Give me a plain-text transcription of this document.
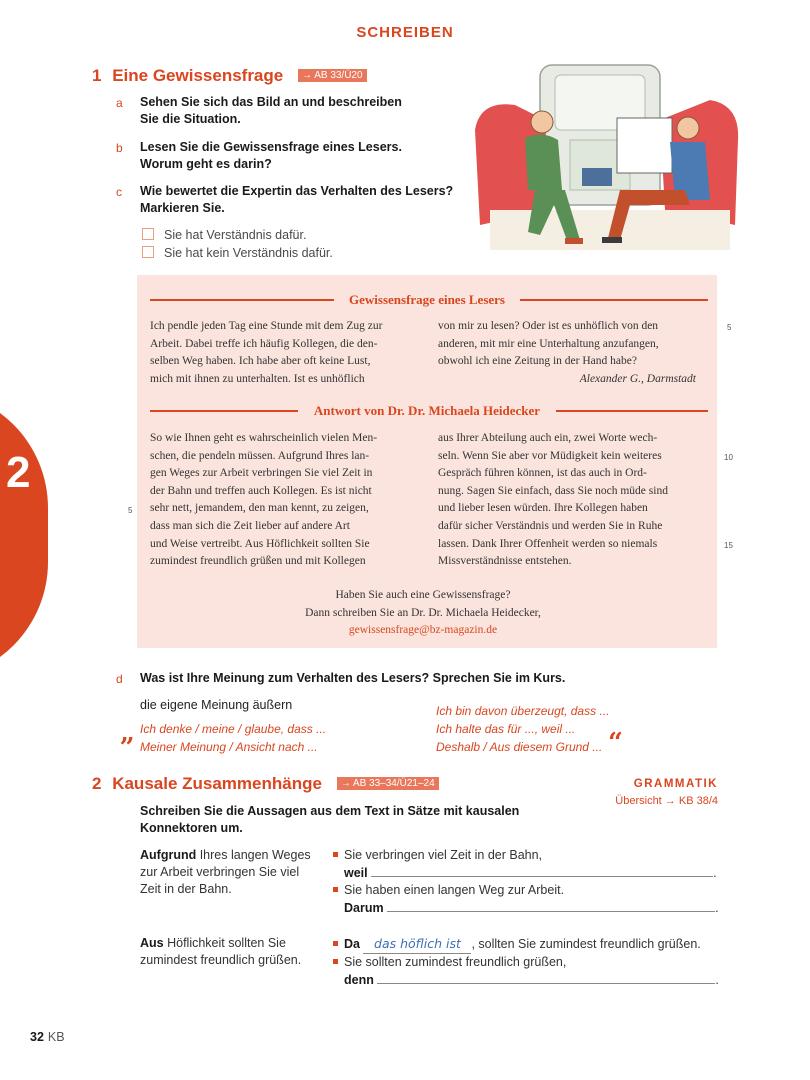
SCHREIBEN
2
1 Eine Gewissensfrage → AB 33/Ü20
a Sehen Sie sich das Bild an und beschreiben
Sie die Situation.
b Lesen Sie die Gewissensfrage eines Lesers.
Worum geht es darin?
c Wie bewertet die Expertin das Verhalten des Lesers?
Markieren Sie.
Sie hat Verständnis dafür.
Sie hat kein Verständnis dafür.
Gewissensfrage eines Lesers
Ich pendle jeden Tag eine Stunde mit dem Zug zur
Arbeit. Dabei treffe ich häufig Kollegen, die den-
selben Weg haben. Ich habe aber oft keine Lust,
mich mit ihnen zu unterhalten. Ist es unhöflich
von mir zu lesen? Oder ist es unhöflich von den
anderen, mit mir eine Unterhaltung anzufangen,
obwohl ich eine Zeitung in der Hand habe?
Alexander G., Darmstadt
5
Antwort von Dr. Dr. Michaela Heidecker
So wie Ihnen geht es wahrscheinlich vielen Men-
schen, die pendeln müssen. Aufgrund Ihres lan-
gen Weges zur Arbeit verbringen Sie viel Zeit in
der Bahn und treffen auch Kollegen. Es ist nicht
sehr nett, jemandem, den man kennt, zu zeigen,
dass man sich die Zeit lieber auf andere Art
und Weise vertreibt. Aus Höflichkeit sollten Sie
zumindest freundlich grüßen und mit Kollegen
aus Ihrer Abteilung auch ein, zwei Worte wech-
seln. Wenn Sie aber vor Müdigkeit kein weiteres
Gespräch führen können, ist das auch in Ord-
nung. Sagen Sie einfach, dass Sie noch müde sind
und lieber lesen würden. Ihre Kollegen haben
dafür sicher Verständnis und werden Sie in Ruhe
lassen. Dank Ihrer Offenheit werden so niemals
Missverständnisse entstehen.
5
10
15
Haben Sie auch eine Gewissensfrage?
Dann schreiben Sie an Dr. Dr. Michaela Heidecker,
gewissensfrage@bz-magazin.de
d Was ist Ihre Meinung zum Verhalten des Lesers? Sprechen Sie im Kurs.
die eigene Meinung äußern
„ Ich denke / meine / glaube, dass ...
Meiner Meinung / Ansicht nach ...
Ich bin davon überzeugt, dass ...
Ich halte das für ..., weil ...
Deshalb / Aus diesem Grund ... “
2 Kausale Zusammenhänge → AB 33–34/Ü21–24	GRAMMATIK
Übersicht → KB 38/4
Schreiben Sie die Aussagen aus dem Text in Sätze mit kausalen
Konnektoren um.
Aufgrund Ihres langen Weges
zur Arbeit verbringen Sie viel
Zeit in der Bahn.
Sie verbringen viel Zeit in der Bahn,
weil	.
Sie haben einen langen Weg zur Arbeit.
Darum	.
Aus Höflichkeit sollten Sie
zumindest freundlich grüßen.
Da das höflich ist , sollten Sie zumindest freundlich grüßen.
Sie sollten zumindest freundlich grüßen,
denn	.
32 KB
